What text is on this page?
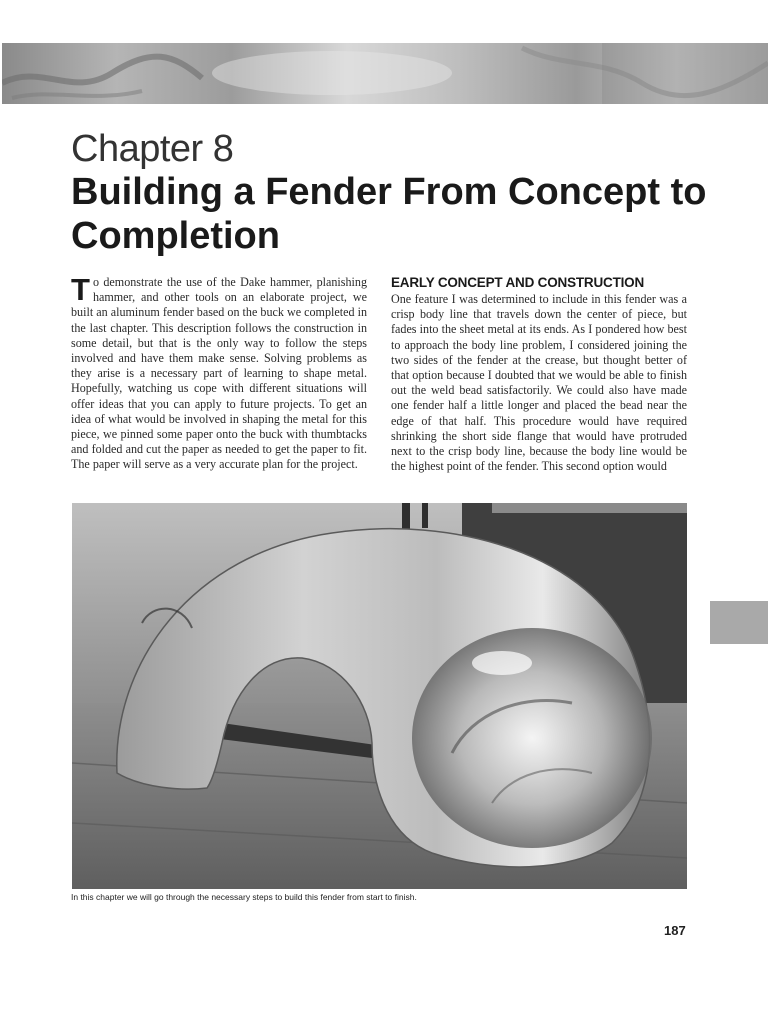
Chapter 8
Building a Fender From Concept to Completion

To demonstrate the use of the Dake hammer, planishing hammer, and other tools on an elaborate project, we built an aluminum fender based on the buck we completed in the last chapter. This description follows the construction in some detail, but that is the only way to follow the steps involved and have them make sense. Solving problems as they arise is a necessary part of learning to shape metal. Hopefully, watching us cope with different situations will offer ideas that you can apply to future projects. To get an idea of what would be involved in shaping the metal for this piece, we pinned some paper onto the buck with thumbtacks and folded and cut the paper as needed to get the paper to fit. The paper will serve as a very accurate plan for the project.

EARLY CONCEPT AND CONSTRUCTION

One feature I was determined to include in this fender was a crisp body line that travels down the center of piece, but fades into the sheet metal at its ends. As I pondered how best to approach the body line problem, I considered joining the two sides of the fender at the crease, but thought better of that option because I doubted that we would be able to finish out the weld bead satisfactorily. We could also have made one fender half a little longer and placed the bead near the edge of that half. This procedure would have required shrinking the short side flange that would have protruded next to the crisp body line, because the body line would be the highest point of the fender. This second option would

In this chapter we will go through the necessary steps to build this fender from start to finish.
187
